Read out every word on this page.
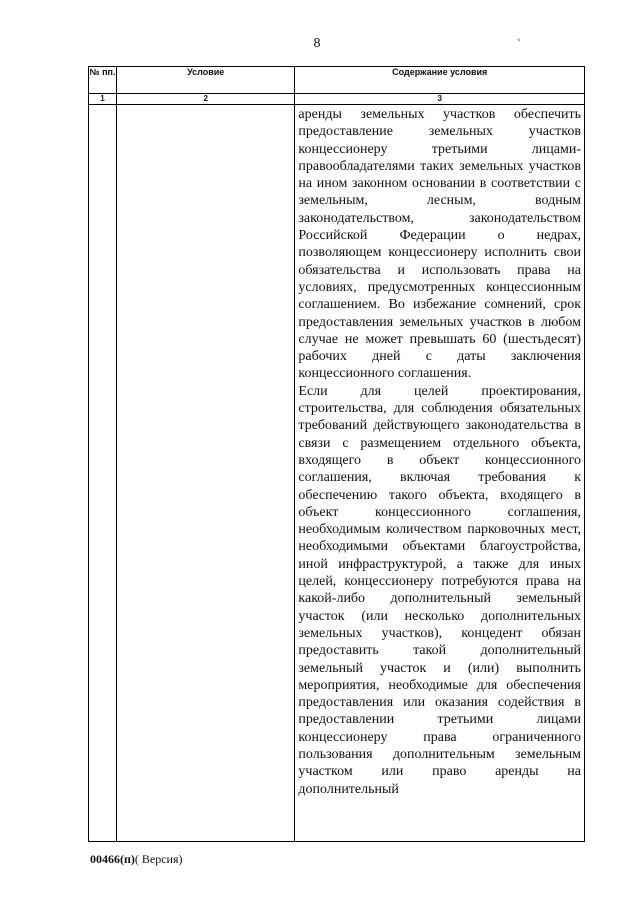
8	ᵛ
№ пп.	Условие	Содержание условия
1	2	3

		аренды земельных участков обеспечить предоставление земельных участков концессионеру третьими лицами-правообладателями таких земельных участков на ином законном основании в соответствии с земельным, лесным, водным законодательством, законодательством Российской Федерации о недрах, позволяющем концессионеру исполнить свои обязательства и использовать права на условиях, предусмотренных концессионным соглашением. Во избежание сомнений, срок предоставления земельных участков в любом случае не может превышать 60 (шестьдесят) рабочих дней с даты заключения концессионного соглашения.

Если для целей проектирования, строительства, для соблюдения обязательных требований действующего законодательства в связи с размещением отдельного объекта, входящего в объект концессионного соглашения, включая требования к обеспечению такого объекта, входящего в объект концессионного соглашения, необходимым количеством парковочных мест, необходимыми объектами благоустройства, иной инфраструктурой, а также для иных целей, концессионеру потребуются права на какой-либо дополнительный земельный участок (или несколько дополнительных земельных участков), концедент обязан предоставить такой дополнительный земельный участок и (или) выполнить мероприятия, необходимые для обеспечения предоставления или оказания содействия в предоставлении третьими лицами концессионеру права ограниченного пользования дополнительным земельным участком или право аренды на дополнительный

00466(п)( Версия)
